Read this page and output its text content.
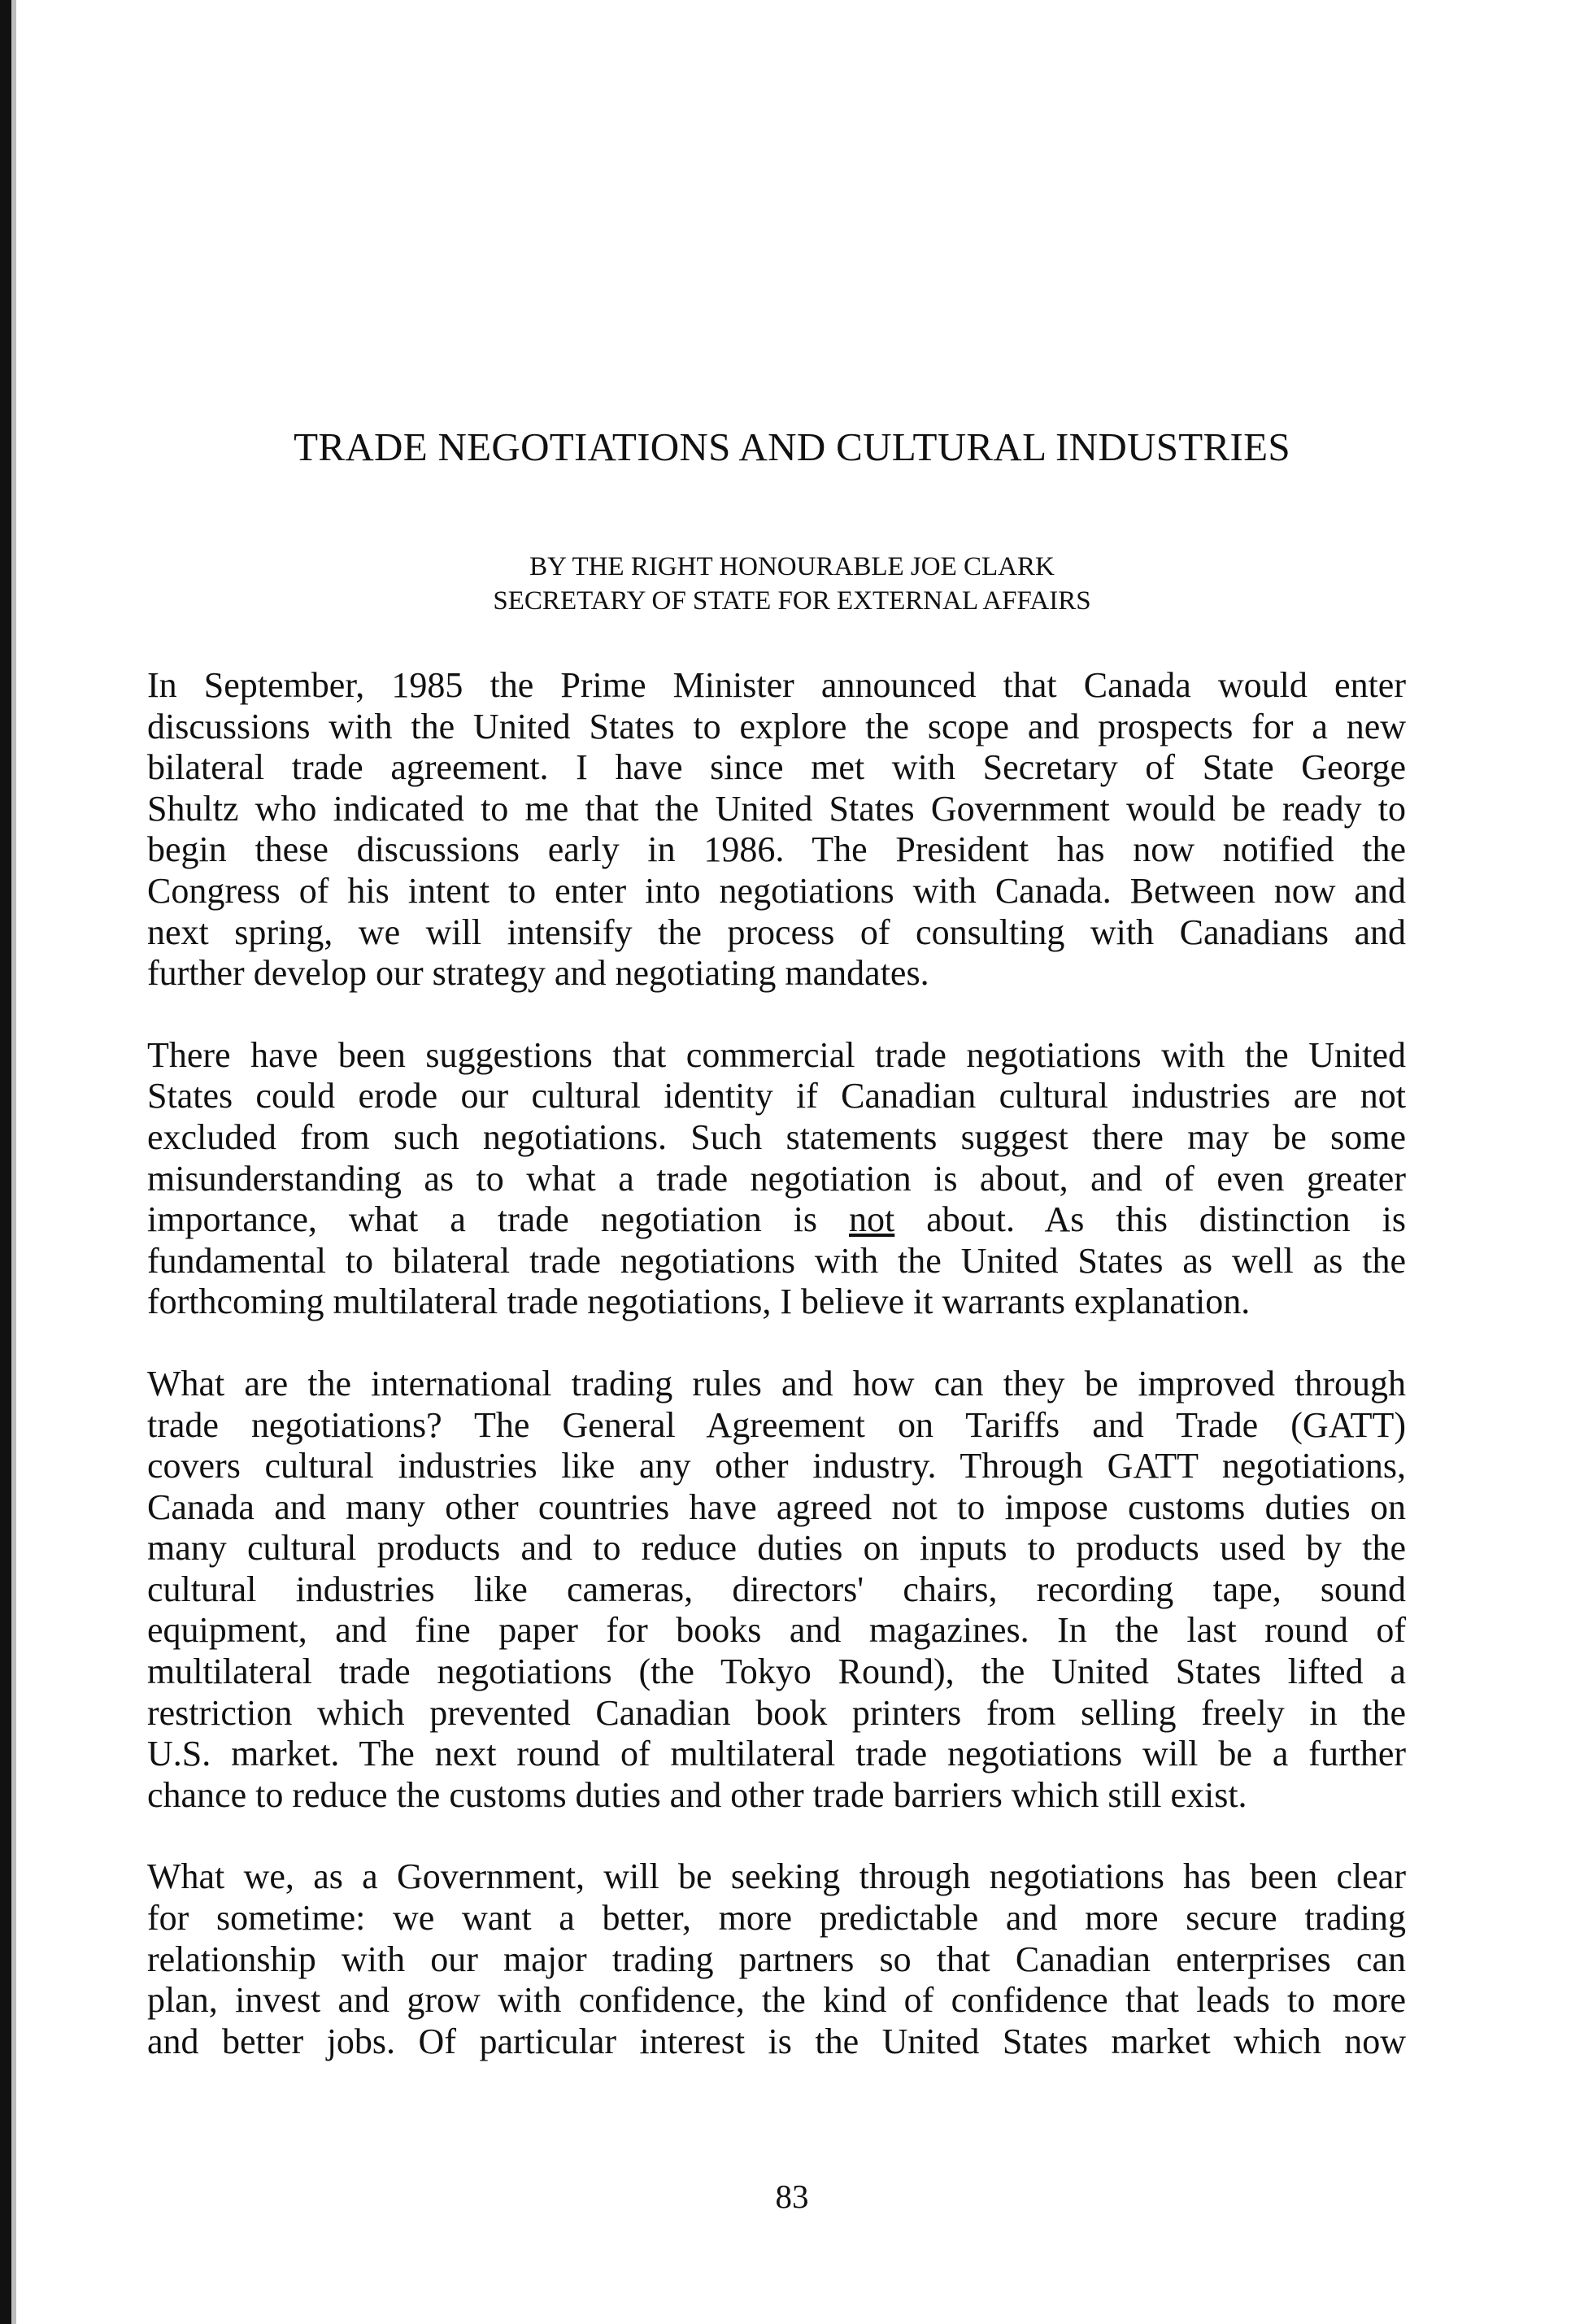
TRADE NEGOTIATIONS AND CULTURAL INDUSTRIES
BY THE RIGHT HONOURABLE JOE CLARK
SECRETARY OF STATE FOR EXTERNAL AFFAIRS
In September, 1985 the Prime Minister announced that Canada would enter
discussions with the United States to explore the scope and prospects for a new
bilateral trade agreement. I have since met with Secretary of State George
Shultz who indicated to me that the United States Government would be ready to
begin these discussions early in 1986. The President has now notified the
Congress of his intent to enter into negotiations with Canada. Between now and
next spring, we will intensify the process of consulting with Canadians and
further develop our strategy and negotiating mandates.
There have been suggestions that commercial trade negotiations with the United
States could erode our cultural identity if Canadian cultural industries are not
excluded from such negotiations. Such statements suggest there may be some
misunderstanding as to what a trade negotiation is about, and of even greater
importance, what a trade negotiation is not about. As this distinction is
fundamental to bilateral trade negotiations with the United States as well as the
forthcoming multilateral trade negotiations, I believe it warrants explanation.
What are the international trading rules and how can they be improved through
trade negotiations? The General Agreement on Tariffs and Trade (GATT)
covers cultural industries like any other industry. Through GATT negotiations,
Canada and many other countries have agreed not to impose customs duties on
many cultural products and to reduce duties on inputs to products used by the
cultural industries like cameras, directors' chairs, recording tape, sound
equipment, and fine paper for books and magazines. In the last round of
multilateral trade negotiations (the Tokyo Round), the United States lifted a
restriction which prevented Canadian book printers from selling freely in the
U.S. market. The next round of multilateral trade negotiations will be a further
chance to reduce the customs duties and other trade barriers which still exist.
What we, as a Government, will be seeking through negotiations has been clear
for sometime: we want a better, more predictable and more secure trading
relationship with our major trading partners so that Canadian enterprises can
plan, invest and grow with confidence, the kind of confidence that leads to more
and better jobs. Of particular interest is the United States market which now
83
